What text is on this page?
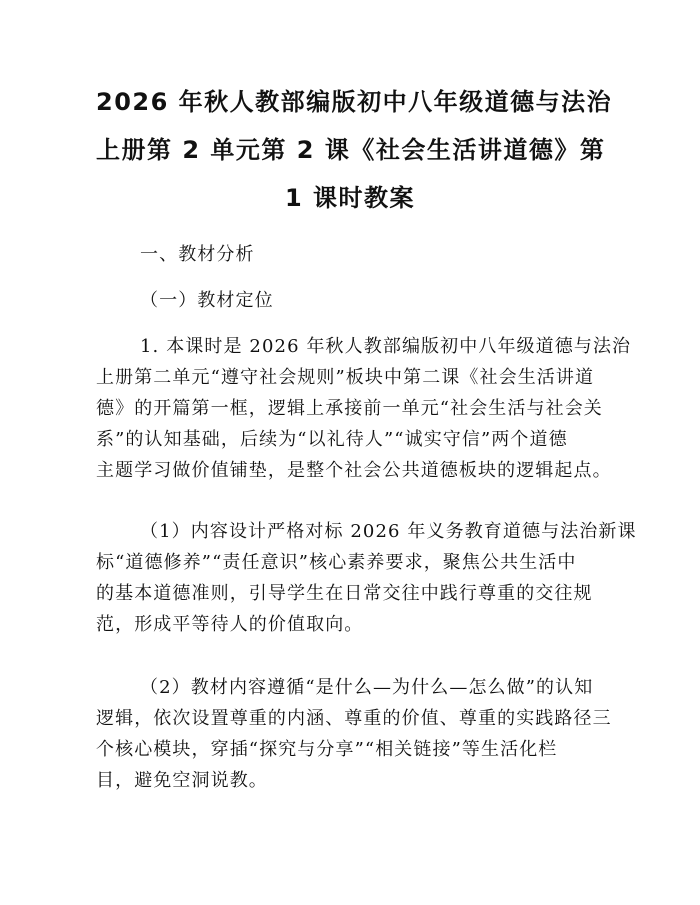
2026 年秋人教部编版初中八年级道德与法治
上册第 2 单元第 2 课《社会生活讲道德》第
1 课时教案

一、教材分析

（一）教材定位

1. 本课时是 2026 年秋人教部编版初中八年级道德与法治
上册第二单元“遵守社会规则”板块中第二课《社会生活讲道
德》的开篇第一框，逻辑上承接前一单元“社会生活与社会关
系”的认知基础，后续为“以礼待人”“诚实守信”两个道德
主题学习做价值铺垫，是整个社会公共道德板块的逻辑起点。

（1）内容设计严格对标 2026 年义务教育道德与法治新课
标“道德修养”“责任意识”核心素养要求，聚焦公共生活中
的基本道德准则，引导学生在日常交往中践行尊重的交往规
范，形成平等待人的价值取向。

（2）教材内容遵循“是什么—为什么—怎么做”的认知
逻辑，依次设置尊重的内涵、尊重的价值、尊重的实践路径三
个核心模块，穿插“探究与分享”“相关链接”等生活化栏
目，避免空洞说教。
